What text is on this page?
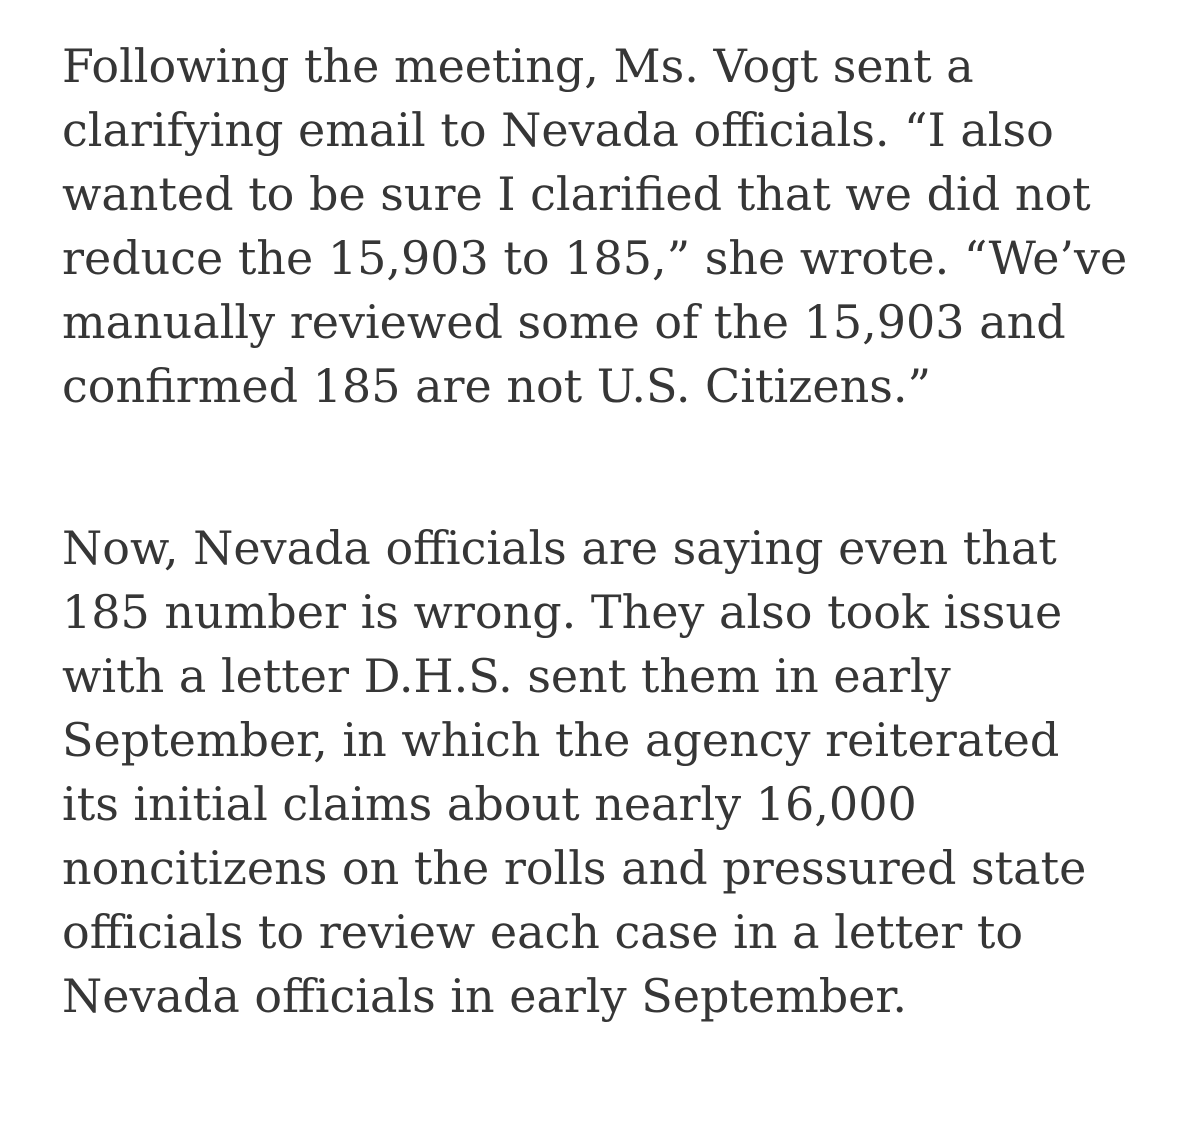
Following the meeting, Ms. Vogt sent a
clarifying email to Nevada officials. “I also
wanted to be sure I clarified that we did not
reduce the 15,903 to 185,” she wrote. “We’ve
manually reviewed some of the 15,903 and
confirmed 185 are not U.S. Citizens.”

Now, Nevada officials are saying even that
185 number is wrong. They also took issue
with a letter D.H.S. sent them in early
September, in which the agency reiterated
its initial claims about nearly 16,000
noncitizens on the rolls and pressured state
officials to review each case in a letter to
Nevada officials in early September.
